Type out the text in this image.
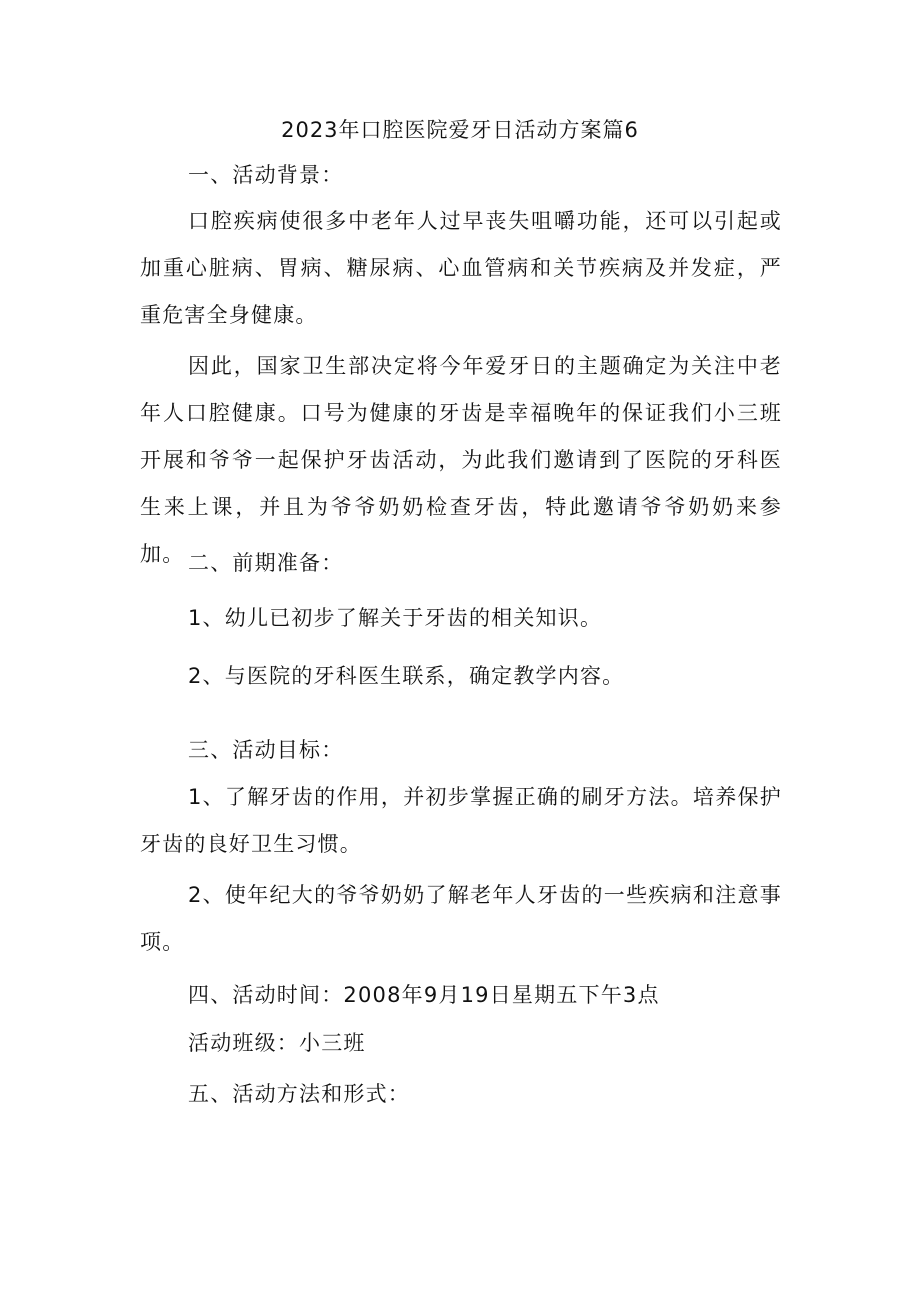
2023年口腔医院爱牙日活动方案篇6
一、活动背景：
口腔疾病使很多中老年人过早丧失咀嚼功能，还可以引起或加重心脏病、胃病、糖尿病、心血管病和关节疾病及并发症，严重危害全身健康。
因此，国家卫生部决定将今年爱牙日的主题确定为关注中老年人口腔健康。口号为健康的牙齿是幸福晚年的保证我们小三班开展和爷爷一起保护牙齿活动，为此我们邀请到了医院的牙科医生来上课，并且为爷爷奶奶检查牙齿，特此邀请爷爷奶奶来参加。 二、前期准备：
1、幼儿已初步了解关于牙齿的相关知识。
2、与医院的牙科医生联系，确定教学内容。
三、活动目标：
1、了解牙齿的作用，并初步掌握正确的刷牙方法。培养保护牙齿的良好卫生习惯。
2、使年纪大的爷爷奶奶了解老年人牙齿的一些疾病和注意事项。
四、活动时间：2008年9月19日星期五下午3点
活动班级：小三班
五、活动方法和形式：
